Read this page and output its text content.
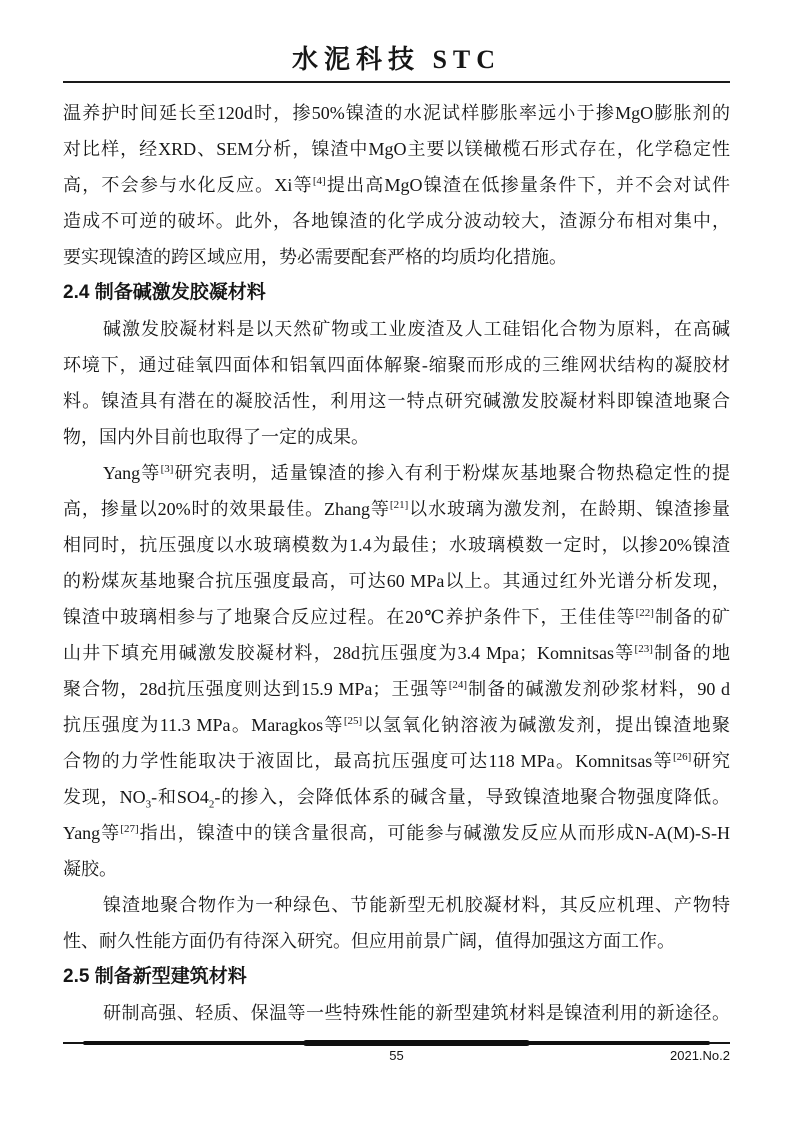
水泥科技 STC
温养护时间延长至120d时，掺50%镍渣的水泥试样膨胀率远小于掺MgO膨胀剂的
对比样，经XRD、SEM分析，镍渣中MgO主要以镁橄榄石形式存在，化学稳定性
高，不会参与水化反应。Xi等[4]提出高MgO镍渣在低掺量条件下，并不会对试件
造成不可逆的破坏。此外，各地镍渣的化学成分波动较大，渣源分布相对集中，
要实现镍渣的跨区域应用，势必需要配套严格的均质均化措施。
2.4 制备碱激发胶凝材料
碱激发胶凝材料是以天然矿物或工业废渣及人工硅铝化合物为原料，在高碱
环境下，通过硅氧四面体和铝氧四面体解聚-缩聚而形成的三维网状结构的凝胶材
料。镍渣具有潜在的凝胶活性，利用这一特点研究碱激发胶凝材料即镍渣地聚合
物，国内外目前也取得了一定的成果。
Yang等[3]研究表明，适量镍渣的掺入有利于粉煤灰基地聚合物热稳定性的提
高，掺量以20%时的效果最佳。Zhang等[21]以水玻璃为激发剂，在龄期、镍渣掺量
相同时，抗压强度以水玻璃模数为1.4为最佳；水玻璃模数一定时，以掺20%镍渣
的粉煤灰基地聚合抗压强度最高，可达60 MPa以上。其通过红外光谱分析发现，
镍渣中玻璃相参与了地聚合反应过程。在20℃养护条件下，王佳佳等[22]制备的矿
山井下填充用碱激发胶凝材料，28d抗压强度为3.4 Mpa；Komnitsas等[23]制备的地
聚合物，28d抗压强度则达到15.9 MPa；王强等[24]制备的碱激发剂砂浆材料，90 d
抗压强度为11.3 MPa。Maragkos等[25]以氢氧化钠溶液为碱激发剂，提出镍渣地聚
合物的力学性能取决于液固比，最高抗压强度可达118 MPa。Komnitsas等[26]研究
发现，$NO_3-$和$SO4_2-$的掺入，会降低体系的碱含量，导致镍渣地聚合物强度降低。
Yang等[27]指出，镍渣中的镁含量很高，可能参与碱激发反应从而形成N-A(M)-S-H
凝胶。
镍渣地聚合物作为一种绿色、节能新型无机胶凝材料，其反应机理、产物特
性、耐久性能方面仍有待深入研究。但应用前景广阔，值得加强这方面工作。
2.5 制备新型建筑材料
研制高强、轻质、保温等一些特殊性能的新型建筑材料是镍渣利用的新途径。
55	2021.No.2
